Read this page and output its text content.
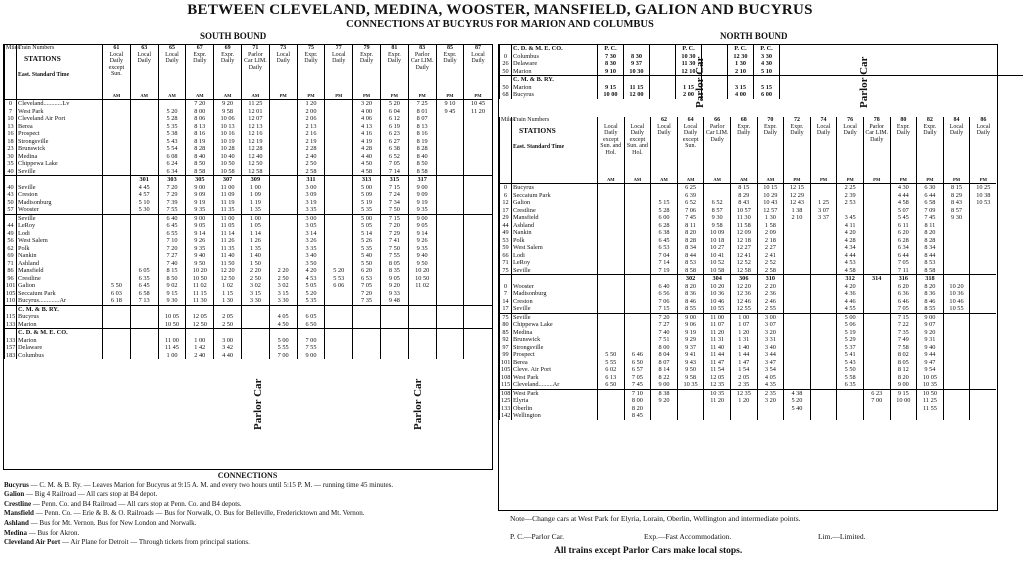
BETWEEN CLEVELAND, MEDINA, WOOSTER, MANSFIELD, GALION AND BUCYRUS
CONNECTIONS AT BUCYRUS FOR MARION AND COLUMBUS
SOUTH BOUND	NORTH BOUND
Miles	Train Numbers	61	63	65	67	69	71	73	75	77	79	81	83	85	87

	STATIONS
East. Standard Time	Local Daily except Sun.	Local Daily	Local Daily	Expr. Daily	Expr. Daily	Parlor Car LIM. Daily	Local Daily	Expr. Daily	Local Daily	Expr. Daily	Expr. Daily	Parlor Car LIM. Daily	Expr. Daily	Local Daily
		AM	AM	AM	AM	AM	AM	PM	PM	PM	PM	PM	PM	PM	PM
0	Cleveland............Lv				7 20	9 20	11 25		1 20		3 20	5 20	7 25	9 10	10 45
7	West Park			5 20	8 00	9 58	12 01		2 00		4 00	6 04	8 01	9 45	11 20
10	Cleveland Air Port			5 28	8 06	10 06	12 07		2 06		4 06	6 12	8 07		
13	Berea			5 35	8 13	10 13	12 13		2 13		4 13	6 19	8 13		
16	Prospect			5 38	8 16	10 16	12 16		2 16		4 16	6 23	8 16		
18	Strongsville			5 43	8 19	10 19	12 19		2 19		4 19	6 27	8 19		
23	Brunswick			5 54	8 28	10 28	12 28		2 28		4 28	6 38	8 28		
30	Medina			6 08	8 40	10 40	12 40		2 40		4 40	6 52	8 40		
35	Chippewa Lake			6 24	8 50	10 50	12 50		2 50		4 50	7 05	8 50		
40	Seville			6 34	8 58	10 58	12 58		2 58		4 58	7 14	8 58		
			301	303	305	307	309		311		313	315	317		
40	Seville		4 45	7 20	9 00	11 00	1 00		3 00		5 00	7 15	9 00		
43	Creston		4 57	7 29	9 09	11 09	1 09		3 09		5 09	7 24	9 09		
50	Madisonburg		5 10	7 39	9 19	11 19	1 19		3 19		5 19	7 34	9 19		
57	Wooster		5 30	7 55	9 35	11 35	1 35		3 35		5 35	7 50	9 35		
	Seville			6 40	9 00	11 00	1 00		3 00		5 00	7 15	9 00		
44	LeRoy			6 45	9 05	11 05	1 05		3 05		5 05	7 20	9 05		
49	Lodi			6 55	9 14	11 14	1 14		3 14		5 14	7 29	9 14		
56	West Salem			7 10	9 26	11 26	1 26		3 26		5 26	7 41	9 26		
62	Polk			7 20	9 35	11 35	1 35		3 35		5 35	7 50	9 35		
69	Nankin			7 27	9 40	11 40	1 40		3 40		5 40	7 55	9 40		
71	Ashland			7 40	9 50	11 50	1 50		3 50		5 50	8 05	9 50		
86	Mansfield		6 05	8 15	10 20	12 20	2 20	2 20	4 20	5 20	6 20	8 35	10 20		
96	Crestline		6 35	8 50	10 50	12 50	2 50	2 50	4 53	5 53	6 53	9 05	10 50		
101	Galion	5 50	6 45	9 02	11 02	1 02	3 02	3 02	5 05	6 06	7 05	9 20	11 02		
105	Seccaium Park	6 03	6 58	9 15	11 15	1 15	3 15	3 15	5 20		7 20	9 33			
110	Bucyrus.............Ar	6 18	7 13	9 30	11 30	1 30	3 30	3 30	5 35		7 35	9 48			
	C. M. & B. RY.														
115	Bucyrus			10 05	12 05	2 05		4 05	6 05						
133	Marion			10 50	12 50	2 50		4 50	6 50						
	C. D. & M. E. CO.														
133	Marion			11 00	1 00	3 00		5 00	7 00						
157	Delaware			11 45	1 42	3 42		5 55	7 55						
183	Columbus			1 00	2 40	4 40		7 00	9 00						
	C. D. & M. E. CO.	P. C.			P. C.		P. C.	P. C.	
0	Columbus	7 30	8 30		10 30		12 30	3 30	
26	Delaware	8 30	9 37		11 30		1 30	4 30	
50	Marion	9 10	10 30		12 10		2 10	5 10	
	C. M. & B. RY.								
50	Marion	9 15	11 15		1 15		3 15	5 15	
68	Bucyrus	10 00	12 00		2 00		4 00	6 00	
Miles	Train Numbers			62	64	66	68	70	72	74	76	78	80	82	84	86

	STATIONS
East. Standard Time	Local Daily except Sun. and Hol.	Local Daily except Sun. and Hol.	Local Daily	Local Daily except Sun.	Parlor Car LIM. Daily	Expr. Daily	Expr. Daily	Expr. Daily	Local Daily	Local Daily	Parlor Car LIM. Daily	Expr. Daily	Expr. Daily	Local Daily	Local Daily
		AM	AM	AM	AM	AM	AM	AM	PM	PM	PM	PM	PM	PM	PM	PM
0	Bucyrus				6 25		8 15	10 15	12 15		2 25		4 30	6 30	8 15	10 25
6	Seccaium Park				6 39		8 29	10 29	12 29		2 39		4 44	6 44	8 29	10 38
12	Galion			5 15	6 52	6 52	8 43	10 43	12 43	1 25	2 53		4 58	6 58	8 43	10 53
17	Crestline			5 28	7 06	8 57	10 57	12 57	1 38	3 07			5 07	7 09	8 57	
29	Mansfield			6 00	7 45	9 30	11 30	1 30	2 10	3 37	3 45		5 45	7 45	9 30	
44	Ashland			6 28	8 11	9 58	11 58	1 58			4 11		6 11	8 11		
49	Nankin			6 38	8 20	10 09	12 09	2 09			4 20		6 20	8 20		
53	Polk			6 45	8 28	10 18	12 18	2 18			4 28		6 28	8 28		
59	West Salem			6 53	8 34	10 27	12 27	2 27			4 34		6 34	8 34		
66	Lodi			7 04	8 44	10 41	12 41	2 41			4 44		6 44	8 44		
71	LeRoy			7 14	8 53	10 52	12 52	2 52			4 53		7 05	8 53		
75	Seville			7 19	8 58	10 58	12 58	2 58			4 58		7 11	8 58		
					302	304	306	310			312	314	316	318		
0	Wooster			6 40	8 20	10 20	12 20	2 20			4 20		6 20	8 20	10 20	
7	Madisonburg			6 56	8 36	10 36	12 36	2 36			4 36		6 36	8 36	10 36	
14	Creston			7 06	8 46	10 46	12 46	2 46			4 46		6 46	8 46	10 46	
17	Seville			7 15	8 55	10 55	12 55	2 55			4 55		7 05	8 55	10 55	
75	Seville			7 20	9 00	11 00	1 00	3 00			5 00		7 15	9 00		
80	Chippewa Lake			7 27	9 06	11 07	1 07	3 07			5 06		7 22	9 07		
85	Medina			7 40	9 19	11 20	1 20	3 20			5 19		7 35	9 20		
92	Brunswick			7 51	9 29	11 31	1 31	3 31			5 29		7 49	9 31		
97	Strongsville			8 00	9 37	11 40	1 40	3 40			5 37		7 58	9 40		
99	Prospect	5 50	6 46	8 04	9 41	11 44	1 44	3 44			5 41		8 02	9 44		
101	Berea	5 55	6 50	8 07	9 43	11 47	1 47	3 47			5 43		8 05	9 47		
105	Cleve. Air Port	6 02	6 57	8 14	9 50	11 54	1 54	3 54			5 50		8 12	9 54		
108	West Park	6 13	7 05	8 22	9 58	12 05	2 05	4 05			5 58		8 20	10 05		
115	Cleveland.........Ar	6 50	7 45	9 00	10 35	12 35	2 35	4 35			6 35		9 00	10 35		
108	West Park		7 10	8 38		10 35	12 35	2 35	4 38			6 23	9 15	10 50		
125	Elyria		8 00	9 20		11 20	1 20	3 20	5 20			7 00	10 00	11 25		
133	Oberlin		8 20						5 40					11 55		
142	Wellington		8 45													
Parlor Car	Parlor Car
Parlor Car	Parlor Car
CONNECTIONS
Bucyrus — C. M. & B. Ry. — Leaves Marion for Bucyrus at 9:15 A. M. and every two hours until 5:15 P. M. — running time 45 minutes.
Galion — Big 4 Railroad — All cars stop at B4 depot.
Crestline — Penn. Co. and B4 Railroad — All cars stop at Penn. Co. and B4 depots.
Mansfield — Penn. Co. — Erie & B. & O. Railroads — Bus for Norwalk, O. Bus for Belleville, Fredericktown and Mt. Vernon.
Ashland — Bus for Mt. Vernon. Bus for New London and Norwalk.
Medina — Bus for Akron.
Cleveland Air Port — Air Plane for Detroit — Through tickets from principal stations.
Note—Change cars at West Park for Elyria, Lorain, Oberlin, Wellington and intermediate points.
P. C.—Parlor Car.	Exp.—Fast Accommodation.	Lim.—Limited.
All trains except Parlor Cars make local stops.
